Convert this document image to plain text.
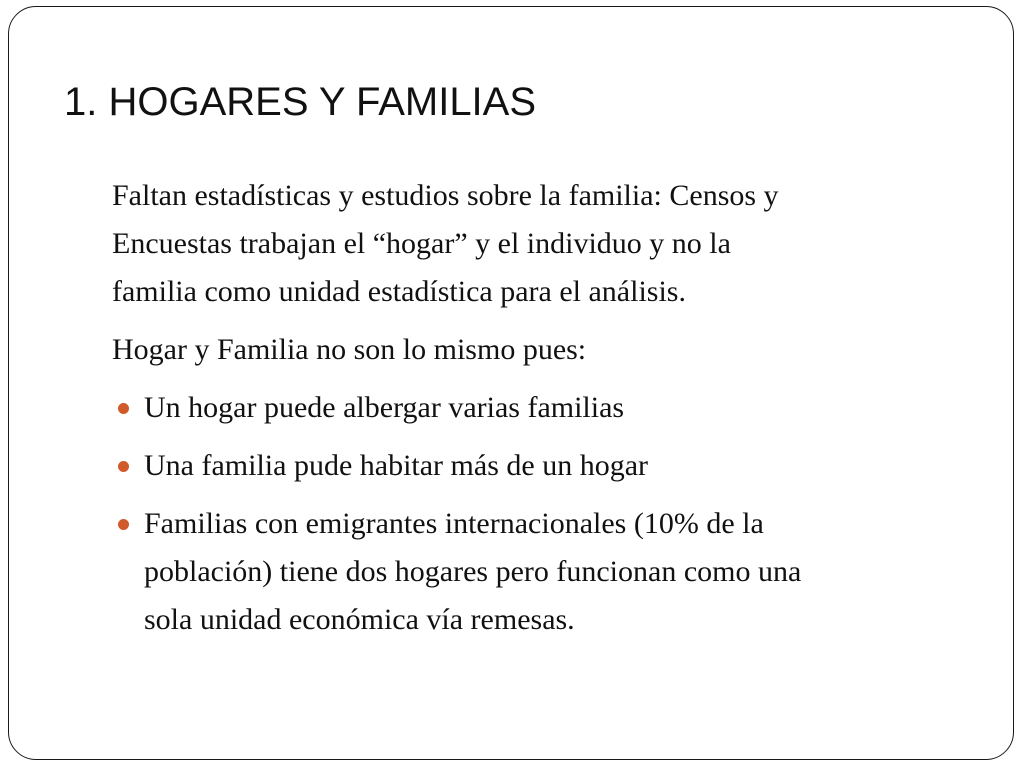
1. HOGARES Y FAMILIAS

Faltan estadísticas y estudios sobre la familia: Censos y
Encuestas trabajan el “hogar” y el individuo y no la
familia como unidad estadística para el análisis.

Hogar y Familia no son lo mismo pues:

Un hogar puede albergar varias familias
Una familia pude habitar más de un hogar
Familias con emigrantes internacionales (10% de la
población) tiene dos hogares pero funcionan como una
sola unidad económica vía remesas.
